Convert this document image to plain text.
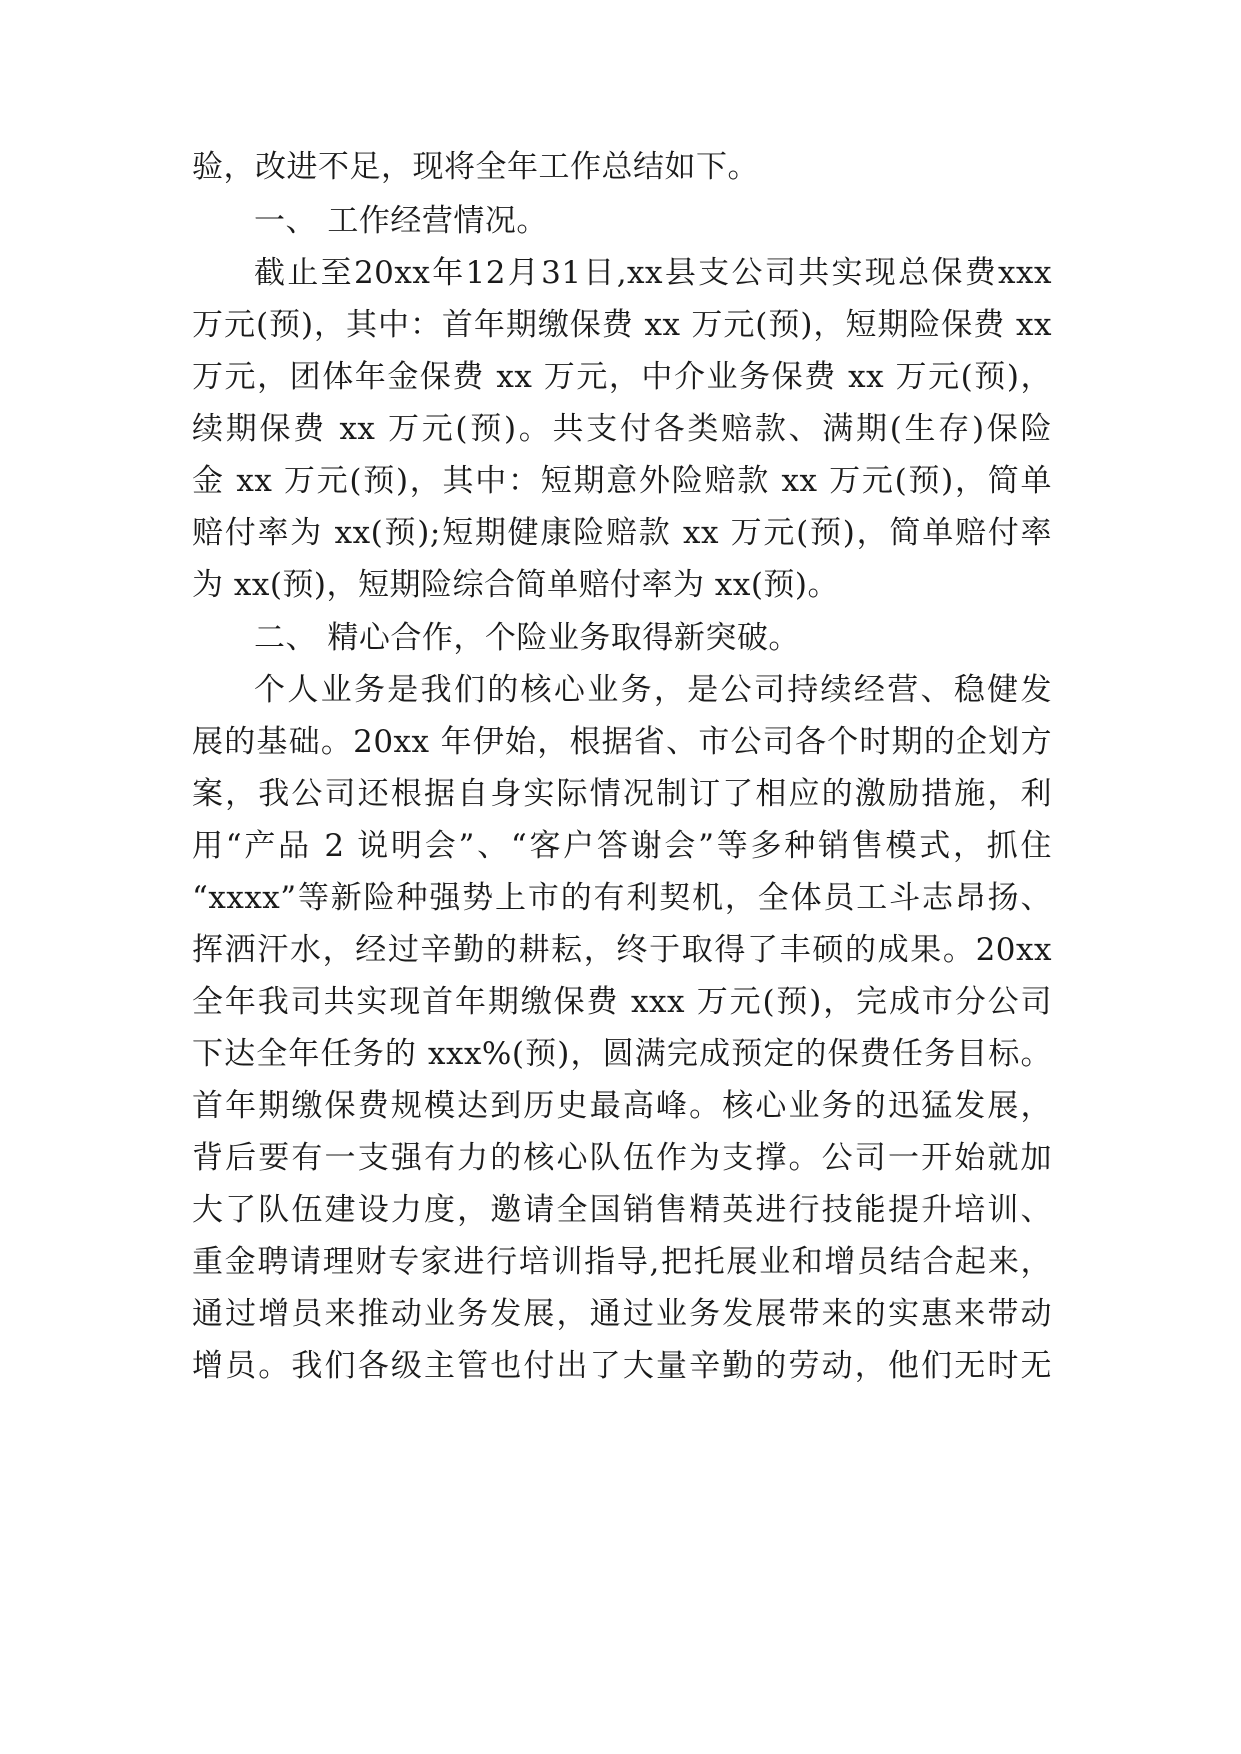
验，改进不足，现将全年工作总结如下。
一、 工作经营情况。
截止至20xx年12月31日,xx县支公司共实现总保费xxx
万元(预)，其中：首年期缴保费 xx 万元(预)，短期险保费 xx
万元，团体年金保费 xx 万元，中介业务保费 xx 万元(预)，
续期保费 xx 万元(预)。共支付各类赔款、满期(生存)保险
金 xx 万元(预)，其中：短期意外险赔款 xx 万元(预)，简单
赔付率为 xx(预);短期健康险赔款 xx 万元(预)，简单赔付率
为 xx(预)，短期险综合简单赔付率为 xx(预)。
二、 精心合作，个险业务取得新突破。
个人业务是我们的核心业务，是公司持续经营、稳健发
展的基础。20xx 年伊始，根据省、市公司各个时期的企划方
案，我公司还根据自身实际情况制订了相应的激励措施，利
用“产品 2 说明会”、“客户答谢会”等多种销售模式，抓住
“xxxx”等新险种强势上市的有利契机，全体员工斗志昂扬、
挥洒汗水，经过辛勤的耕耘，终于取得了丰硕的成果。20xx
全年我司共实现首年期缴保费 xxx 万元(预)，完成市分公司
下达全年任务的 xxx%(预)，圆满完成预定的保费任务目标。
首年期缴保费规模达到历史最高峰。核心业务的迅猛发展，
背后要有一支强有力的核心队伍作为支撑。公司一开始就加
大了队伍建设力度，邀请全国销售精英进行技能提升培训、
重金聘请理财专家进行培训指导,把托展业和增员结合起来，
通过增员来推动业务发展，通过业务发展带来的实惠来带动
增员。我们各级主管也付出了大量辛勤的劳动，他们无时无
